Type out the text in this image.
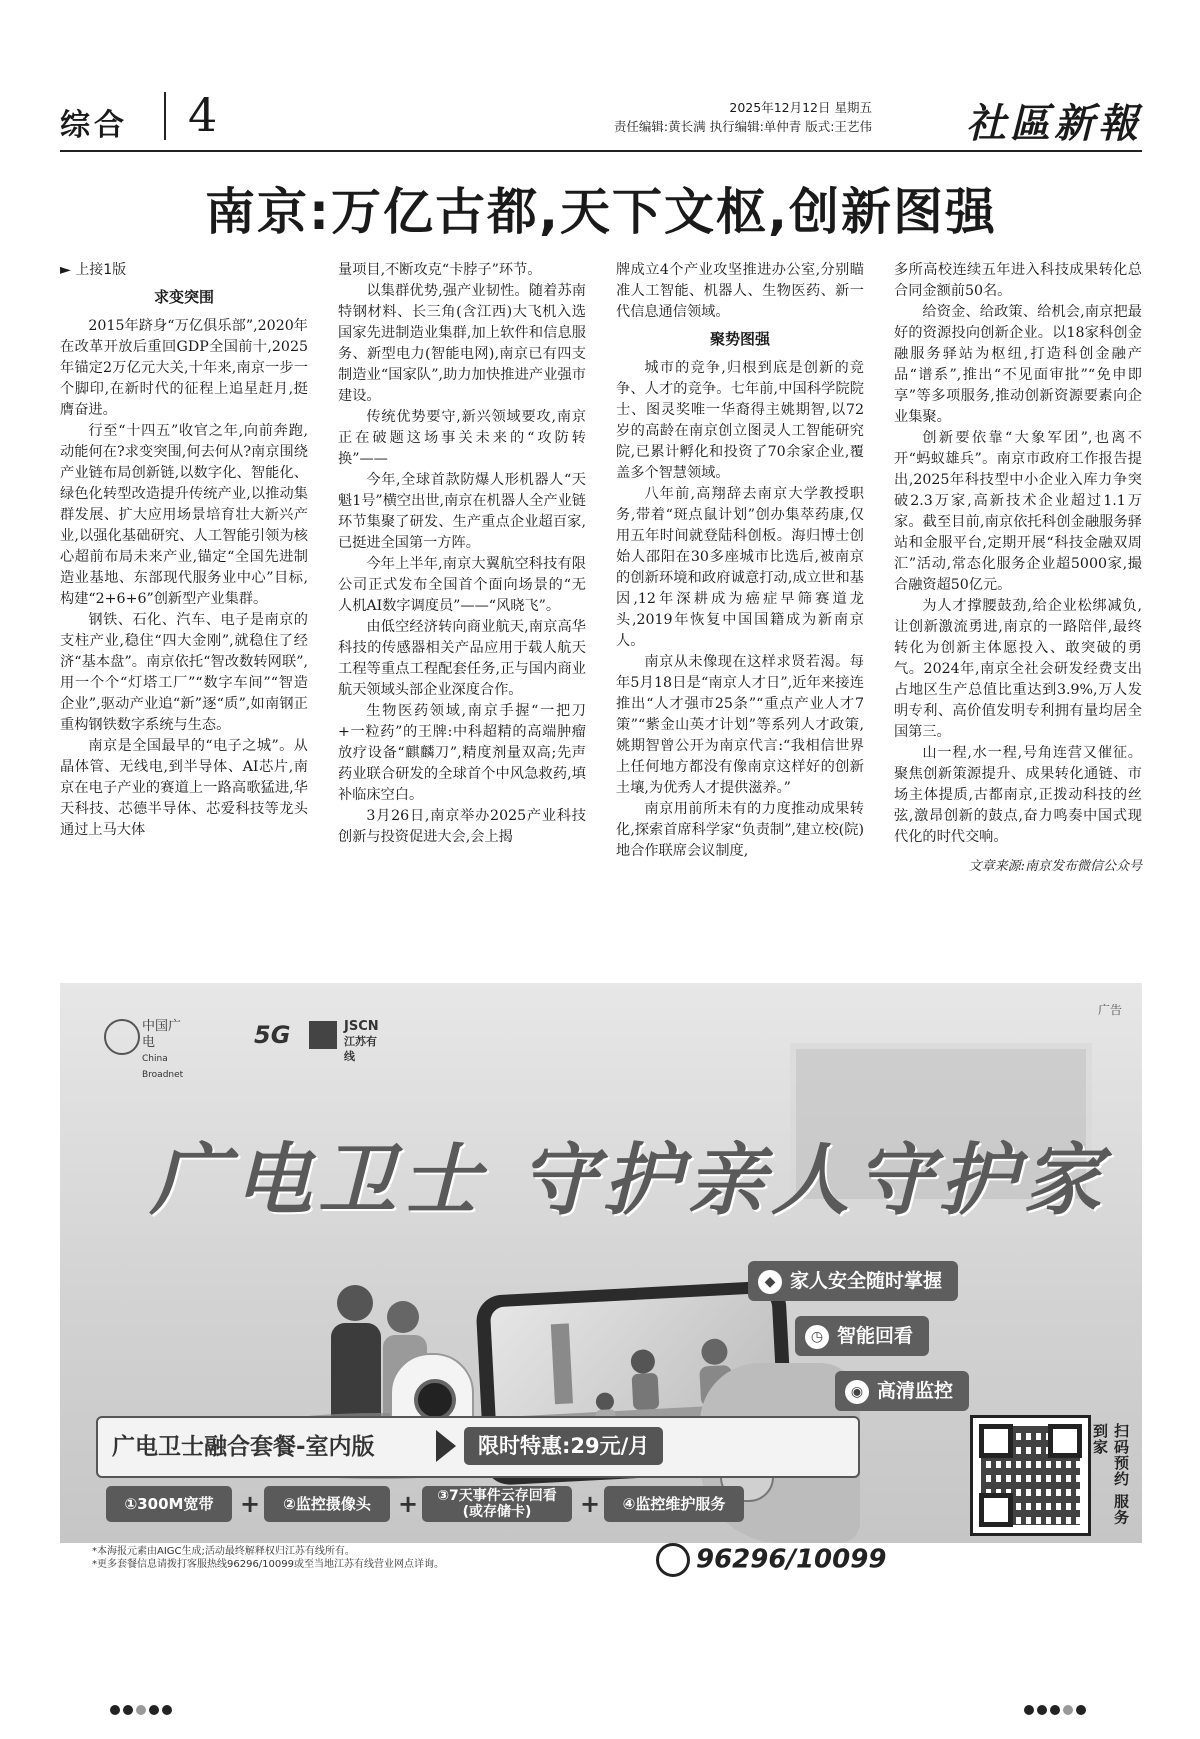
综合 4	2025年12月12日 星期五
责任编辑:黄长满 执行编辑:单仲青 版式:王艺伟 社區新報
南京:万亿古都,天下文枢,创新图强
► 上接1版

求变突围

2015年跻身“万亿俱乐部”,2020年在改革开放后重回GDP全国前十,2025年锚定2万亿元大关,十年来,南京一步一个脚印,在新时代的征程上追星赶月,挺膺奋进。

行至“十四五”收官之年,向前奔跑,动能何在?求变突围,何去何从?南京围绕产业链布局创新链,以数字化、智能化、绿色化转型改造提升传统产业,以推动集群发展、扩大应用场景培育壮大新兴产业,以强化基础研究、人工智能引领为核心超前布局未来产业,锚定“全国先进制造业基地、东部现代服务业中心”目标,构建“2+6+6”创新型产业集群。

钢铁、石化、汽车、电子是南京的支柱产业,稳住“四大金刚”,就稳住了经济“基本盘”。南京依托“智改数转网联”,用一个个“灯塔工厂”“数字车间”“智造企业”,驱动产业追“新”逐“质”,如南钢正重构钢铁数字系统与生态。

南京是全国最早的“电子之城”。从晶体管、无线电,到半导体、AI芯片,南京在电子产业的赛道上一路高歌猛进,华天科技、芯德半导体、芯爱科技等龙头通过上马大体

量项目,不断攻克“卡脖子”环节。

以集群优势,强产业韧性。随着苏南特钢材料、长三角(含江西)大飞机入选国家先进制造业集群,加上软件和信息服务、新型电力(智能电网),南京已有四支制造业“国家队”,助力加快推进产业强市建设。

传统优势要守,新兴领域要攻,南京正在破题这场事关未来的“攻防转换”——

今年,全球首款防爆人形机器人“天魁1号”横空出世,南京在机器人全产业链环节集聚了研发、生产重点企业超百家,已挺进全国第一方阵。

今年上半年,南京大翼航空科技有限公司正式发布全国首个面向场景的“无人机AI数字调度员”——“风晓飞”。

由低空经济转向商业航天,南京高华科技的传感器相关产品应用于载人航天工程等重点工程配套任务,正与国内商业航天领域头部企业深度合作。

生物医药领域,南京手握“一把刀+一粒药”的王牌:中科超精的高端肿瘤放疗设备“麒麟刀”,精度剂量双高;先声药业联合研发的全球首个中风急救药,填补临床空白。

3月26日,南京举办2025产业科技创新与投资促进大会,会上揭

牌成立4个产业攻坚推进办公室,分别瞄准人工智能、机器人、生物医药、新一代信息通信领域。

聚势图强

城市的竞争,归根到底是创新的竞争、人才的竞争。七年前,中国科学院院士、图灵奖唯一华裔得主姚期智,以72岁的高龄在南京创立图灵人工智能研究院,已累计孵化和投资了70余家企业,覆盖多个智慧领域。

八年前,高翔辞去南京大学教授职务,带着“斑点鼠计划”创办集萃药康,仅用五年时间就登陆科创板。海归博士创始人邵阳在30多座城市比选后,被南京的创新环境和政府诚意打动,成立世和基因,12年深耕成为癌症早筛赛道龙头,2019年恢复中国国籍成为新南京人。

南京从未像现在这样求贤若渴。每年5月18日是“南京人才日”,近年来接连推出“人才强市25条”“重点产业人才7策”“紫金山英才计划”等系列人才政策,姚期智曾公开为南京代言:“我相信世界上任何地方都没有像南京这样好的创新土壤,为优秀人才提供滋养。”

南京用前所未有的力度推动成果转化,探索首席科学家“负责制”,建立校(院)地合作联席会议制度,

多所高校连续五年进入科技成果转化总合同金额前50名。

给资金、给政策、给机会,南京把最好的资源投向创新企业。以18家科创金融服务驿站为枢纽,打造科创金融产品“谱系”,推出“不见面审批”“免申即享”等多项服务,推动创新资源要素向企业集聚。

创新要依靠“大象军团”,也离不开“蚂蚁雄兵”。南京市政府工作报告提出,2025年科技型中小企业入库力争突破2.3万家,高新技术企业超过1.1万家。截至目前,南京依托科创金融服务驿站和金服平台,定期开展“科技金融双周汇”活动,常态化服务企业超5000家,撮合融资超50亿元。

为人才撑腰鼓劲,给企业松绑减负,让创新激流勇进,南京的一路陪伴,最终转化为创新主体愿投入、敢突破的勇气。2024年,南京全社会研发经费支出占地区生产总值比重达到3.9%,万人发明专利、高价值发明专利拥有量均居全国第三。

山一程,水一程,号角连营又催征。聚焦创新策源提升、成果转化通链、市场主体提质,古都南京,正拨动科技的丝弦,激昂创新的鼓点,奋力鸣奏中国式现代化的时代交响。

文章来源:南京发布微信公众号

广告
中国广电
China Broadnet
5G	JSCN
江苏有线
广电卫士 守护亲人守护家
◆ 家人安全随时掌握
◷ 智能回看
◉ 高清监控
广电卫士融合套餐-室内版	限时特惠:29元/月
①300M宽带	+	②监控摄像头	+	③7天事件云存回看
(或存储卡)	+	④监控维护服务	扫码预约 服务到家
*本海报元素由AIGC生成;活动最终解释权归江苏有线所有。
*更多套餐信息请拨打客服热线96296/10099或至当地江苏有线营业网点详询。	96296/10099
